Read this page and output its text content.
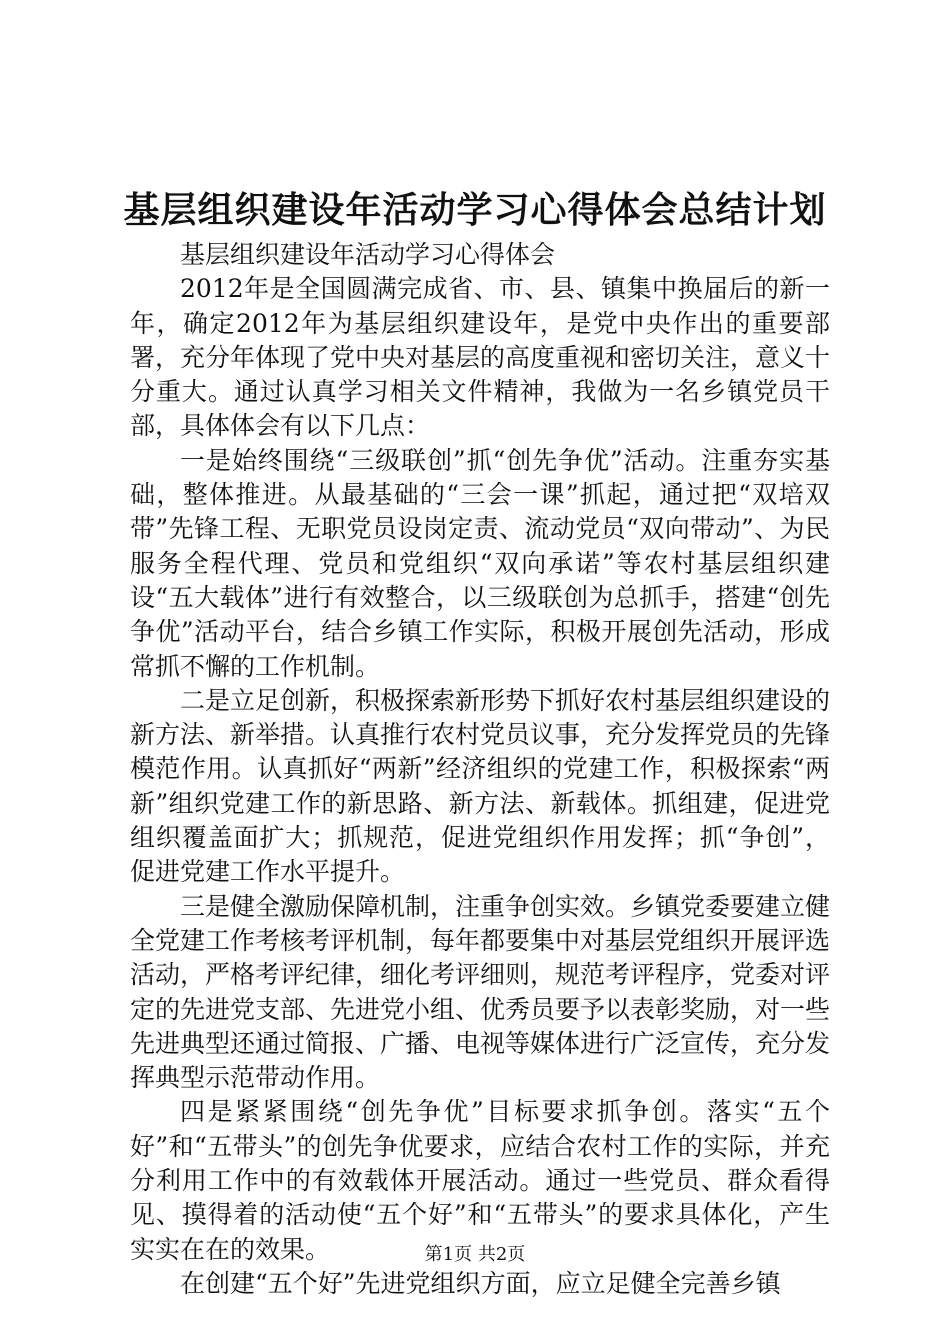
基层组织建设年活动学习心得体会总结计划

基层组织建设年活动学习心得体会

2012年是全国圆满完成省、市、县、镇集中换届后的新一年，确定2012年为基层组织建设年，是党中央作出的重要部署，充分年体现了党中央对基层的高度重视和密切关注，意义十分重大。通过认真学习相关文件精神，我做为一名乡镇党员干部，具体体会有以下几点：

一是始终围绕“三级联创”抓“创先争优”活动。注重夯实基础，整体推进。从最基础的“三会一课”抓起，通过把“双培双带”先锋工程、无职党员设岗定责、流动党员“双向带动”、为民服务全程代理、党员和党组织“双向承诺”等农村基层组织建设“五大载体”进行有效整合，以三级联创为总抓手，搭建“创先争优”活动平台，结合乡镇工作实际，积极开展创先活动，形成常抓不懈的工作机制。

二是立足创新，积极探索新形势下抓好农村基层组织建设的新方法、新举措。认真推行农村党员议事，充分发挥党员的先锋模范作用。认真抓好“两新”经济组织的党建工作，积极探索“两新”组织党建工作的新思路、新方法、新载体。抓组建，促进党组织覆盖面扩大；抓规范，促进党组织作用发挥；抓“争创”，促进党建工作水平提升。

三是健全激励保障机制，注重争创实效。乡镇党委要建立健全党建工作考核考评机制，每年都要集中对基层党组织开展评选活动，严格考评纪律，细化考评细则，规范考评程序，党委对评定的先进党支部、先进党小组、优秀员要予以表彰奖励，对一些先进典型还通过简报、广播、电视等媒体进行广泛宣传，充分发挥典型示范带动作用。

四是紧紧围绕“创先争优”目标要求抓争创。落实“五个好”和“五带头”的创先争优要求，应结合农村工作的实际，并充分利用工作中的有效载体开展活动。通过一些党员、群众看得见、摸得着的活动使“五个好”和“五带头”的要求具体化，产生实实在在的效果。

在创建“五个好”先进党组织方面，应立足健全完善乡镇

第1页 共2页
